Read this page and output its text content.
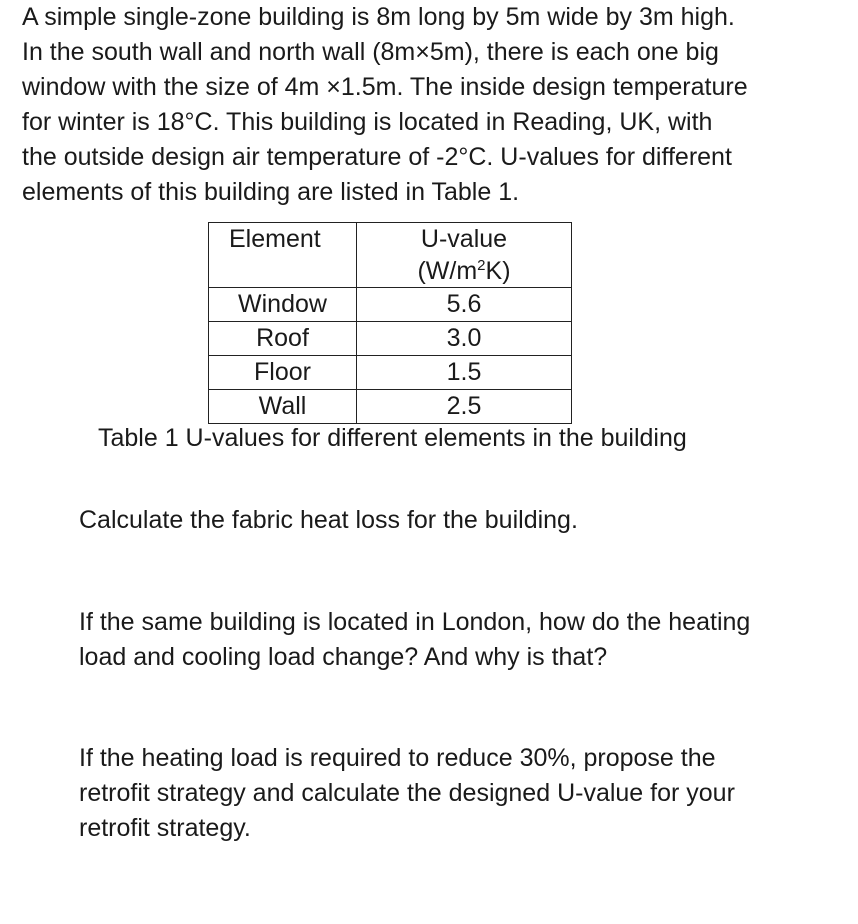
A simple single-zone building is 8m long by 5m wide by 3m high.
In the south wall and north wall (8m×5m), there is each one big
window with the size of 4m ×1.5m. The inside design temperature
for winter is 18°C. This building is located in Reading, UK, with
the outside design air temperature of -2°C. U-values for different
elements of this building are listed in Table 1.
Element	U-value
$(W/m^2K)$
Window	5.6
Roof	3.0
Floor	1.5
Wall	2.5
Table 1 U-values for different elements in the building
Calculate the fabric heat loss for the building.
If the same building is located in London, how do the heating
load and cooling load change? And why is that?
If the heating load is required to reduce 30%, propose the
retrofit strategy and calculate the designed U-value for your
retrofit strategy.
